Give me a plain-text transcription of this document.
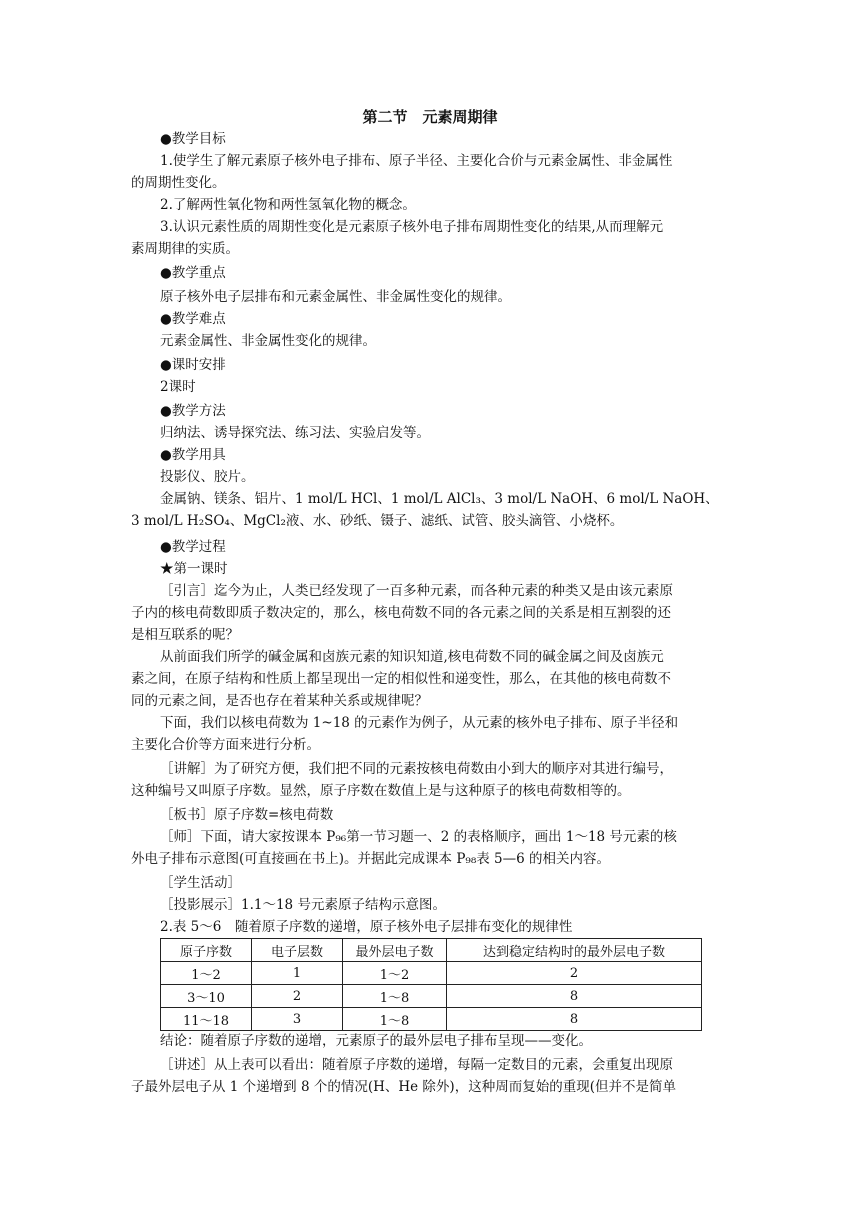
第二节　元素周期律
●教学目标
1.使学生了解元素原子核外电子排布、原子半径、主要化合价与元素金属性、非金属性
的周期性变化。
2.了解两性氧化物和两性氢氧化物的概念。
3.认识元素性质的周期性变化是元素原子核外电子排布周期性变化的结果,从而理解元
素周期律的实质。
●教学重点
原子核外电子层排布和元素金属性、非金属性变化的规律。
●教学难点
元素金属性、非金属性变化的规律。
●课时安排
2课时
●教学方法
归纳法、诱导探究法、练习法、实验启发等。
●教学用具
投影仪、胶片。
●教学过程
★第一课时
［引言］迄今为止，人类已经发现了一百多种元素，而各种元素的种类又是由该元素原
子内的核电荷数即质子数决定的，那么，核电荷数不同的各元素之间的关系是相互割裂的还
是相互联系的呢？
从前面我们所学的碱金属和卤族元素的知识知道,核电荷数不同的碱金属之间及卤族元
素之间，在原子结构和性质上都呈现出一定的相似性和递变性，那么，在其他的核电荷数不
同的元素之间，是否也存在着某种关系或规律呢？
下面，我们以核电荷数为 1~18 的元素作为例子，从元素的核外电子排布、原子半径和
主要化合价等方面来进行分析。
［讲解］为了研究方便，我们把不同的元素按核电荷数由小到大的顺序对其进行编号，
这种编号又叫原子序数。显然，原子序数在数值上是与这种原子的核电荷数相等的。
［板书］原子序数=核电荷数
［师］下面，请大家按课本 P₉₆第一节习题一、2 的表格顺序，画出 1～18 号元素的核
外电子排布示意图(可直接画在书上)。并据此完成课本 P₉₈表 5—6 的相关内容。
［学生活动］
［投影展示］1.1～18 号元素原子结构示意图。
2.表 5～6　随着原子序数的递增，原子核外电子层排布变化的规律性
结论：随着原子序数的递增，元素原子的最外层电子排布呈现——变化。
［讲述］从上表可以看出：随着原子序数的递增，每隔一定数目的元素，会重复出现原
子最外层电子从 1 个递增到 8 个的情况(H、He 除外)，这种周而复始的重现(但并不是简单
金属钠、镁条、铝片、1 mol/L HCl、1 mol/L AlCl₃、3 mol/L NaOH、6 mol/L NaOH、
3 mol/L H₂SO₄、MgCl₂液、水、砂纸、镊子、滤纸、试管、胶头滴管、小烧杯。
原子序数	电子层数	最外层电子数	达到稳定结构时的最外层电子数
1～2	1	1～2	2
3～10	2	1～8	8
11～18	3	1～8	8
